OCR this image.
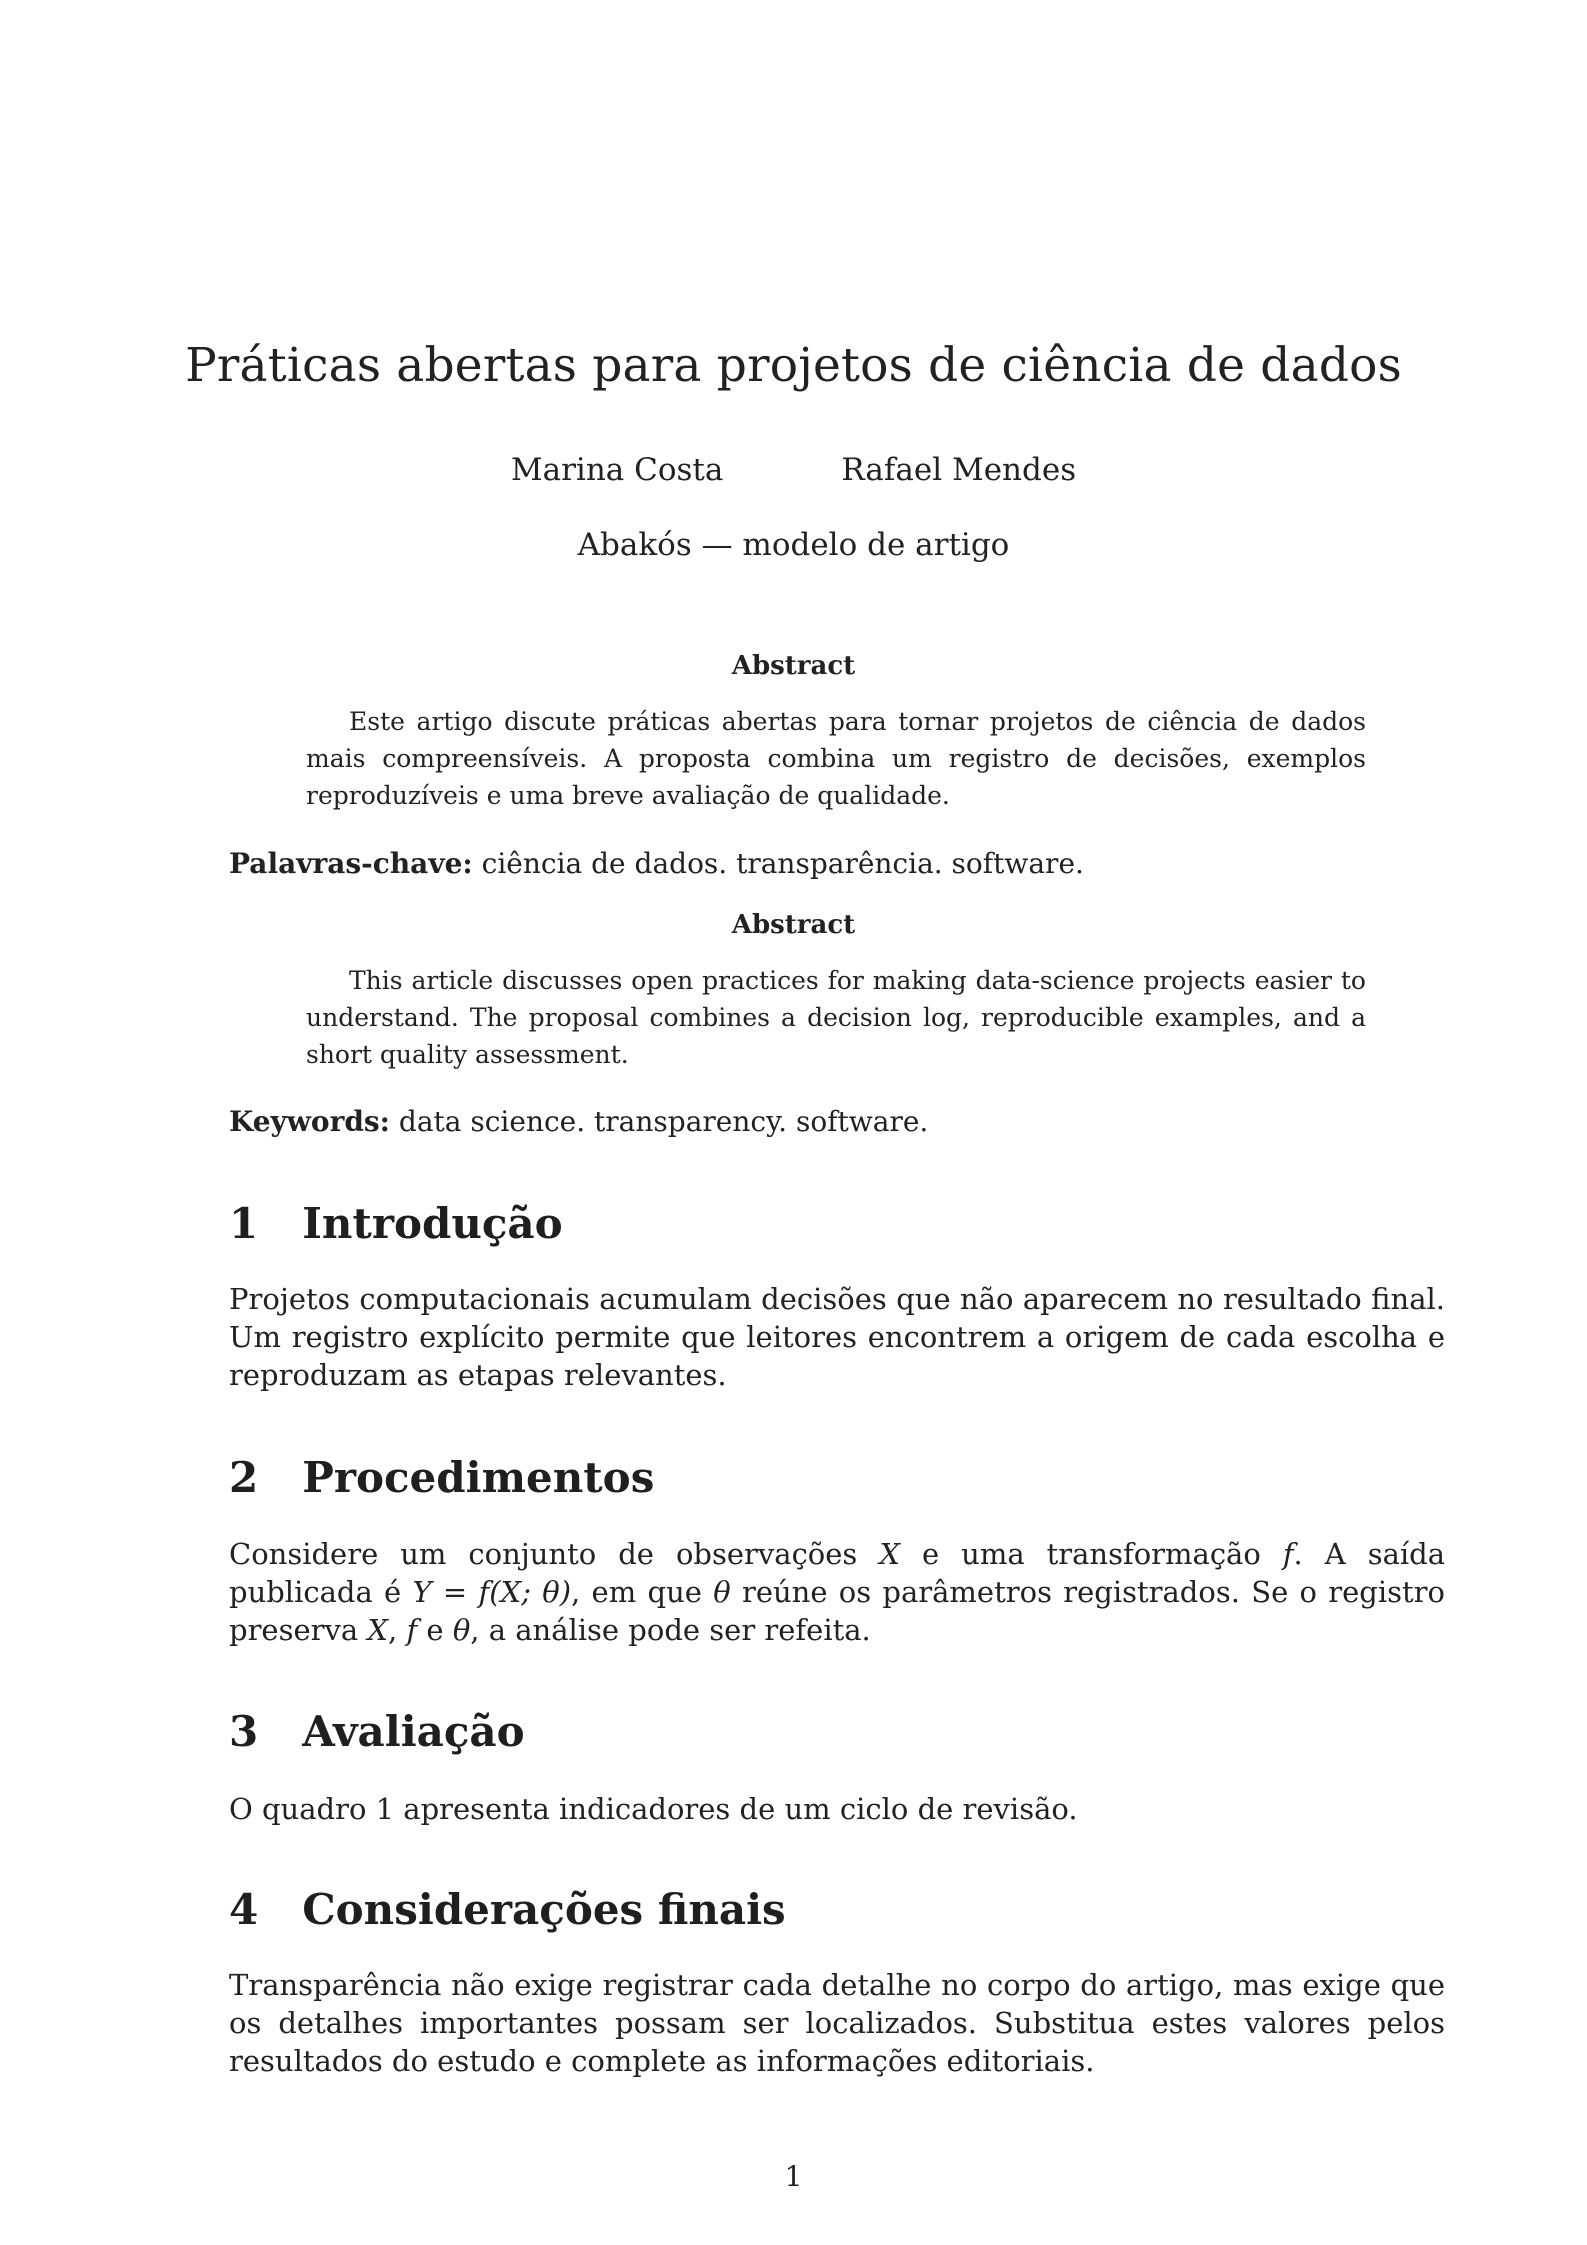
Práticas abertas para projetos de ciência de dados
Marina Costa	Rafael Mendes
Abakós — modelo de artigo
Abstract

Este artigo discute práticas abertas para tornar projetos de ciência de dados mais compreensíveis. A proposta combina um registro de decisões, exemplos reproduzíveis e uma breve avaliação de qualidade.

Palavras-chave: ciência de dados. transparência. software.

Abstract

This article discusses open practices for making data-science projects easier to understand. The proposal combines a decision log, reproducible examples, and a short quality assessment.

Keywords: data science. transparency. software.

1 Introdução

Projetos computacionais acumulam decisões que não aparecem no resultado final. Um registro explícito permite que leitores encontrem a origem de cada escolha e reproduzam as etapas relevantes.

2 Procedimentos

Considere um conjunto de observações X e uma transformação f. A saída publicada é Y = f(X; θ), em que θ reúne os parâmetros registrados. Se o registro preserva X, f e θ, a análise pode ser refeita.

3 Avaliação

O quadro 1 apresenta indicadores de um ciclo de revisão.

4 Considerações finais

Transparência não exige registrar cada detalhe no corpo do artigo, mas exige que os detalhes importantes possam ser localizados. Substitua estes valores pelos resultados do estudo e complete as informações editoriais.

1
